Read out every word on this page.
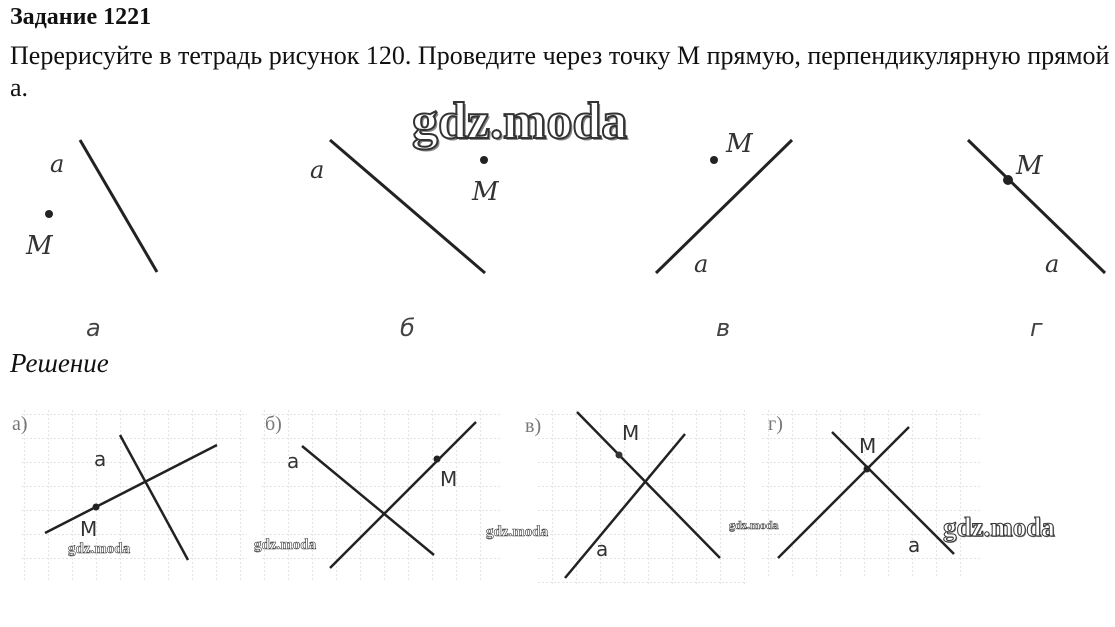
Задание 1221
Перерисуйте в тетрадь рисунок 120. Проведите через точку М прямую, перпендикулярную прямой а.
a
M
а
a
M
б
a
M
в
a
M
г
gdz.moda
Решение
а)
a
M
б)
a
M
в)
a
M	г)
a
M
gdz.moda	gdz.moda
gdz.moda	gdz.moda	gdz.moda
